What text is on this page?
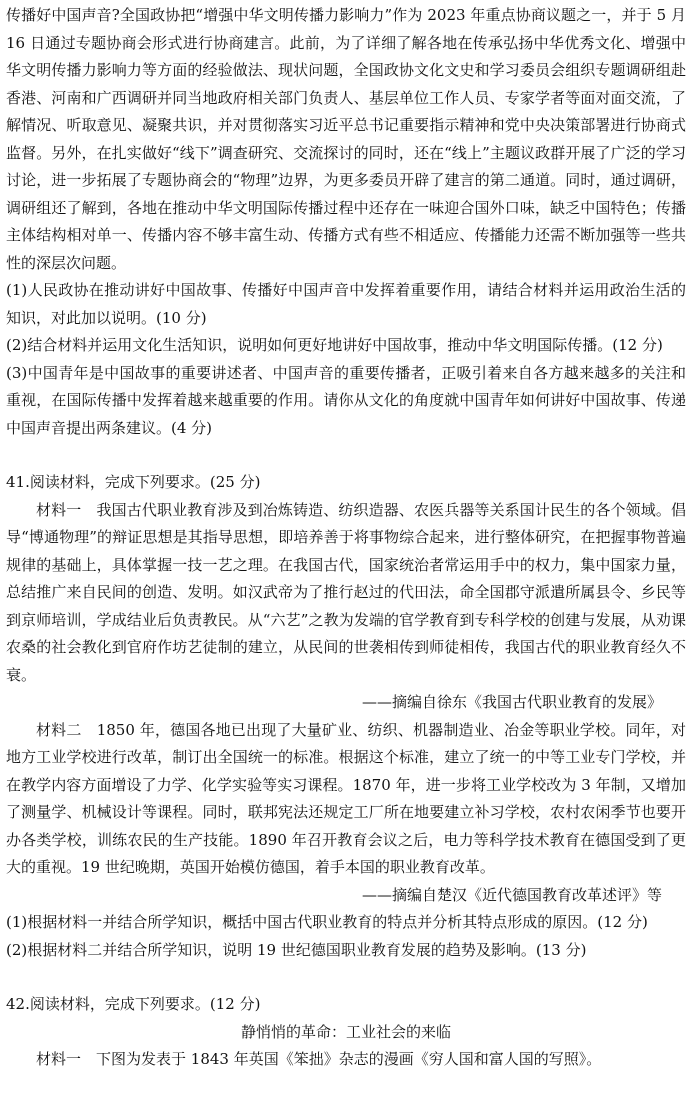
传播好中国声音?全国政协把“增强中华文明传播力影响力”作为 2023 年重点协商议题之一，并于 5 月 16 日通过专题协商会形式进行协商建言。此前，为了详细了解各地在传承弘扬中华优秀文化、增强中华文明传播力影响力等方面的经验做法、现状问题，全国政协文化文史和学习委员会组织专题调研组赴香港、河南和广西调研并同当地政府相关部门负责人、基层单位工作人员、专家学者等面对面交流，了解情况、听取意见、凝聚共识，并对贯彻落实习近平总书记重要指示精神和党中央决策部署进行协商式监督。另外，在扎实做好“线下”调查研究、交流探讨的同时，还在“线上”主题议政群开展了广泛的学习讨论，进一步拓展了专题协商会的“物理”边界，为更多委员开辟了建言的第二通道。同时，通过调研，调研组还了解到，各地在推动中华文明国际传播过程中还存在一味迎合国外口味，缺乏中国特色；传播主体结构相对单一、传播内容不够丰富生动、传播方式有些不相适应、传播能力还需不断加强等一些共性的深层次问题。

(1)人民政协在推动讲好中国故事、传播好中国声音中发挥着重要作用，请结合材料并运用政治生活的知识，对此加以说明。(10 分)

(2)结合材料并运用文化生活知识，说明如何更好地讲好中国故事，推动中华文明国际传播。(12 分)

(3)中国青年是中国故事的重要讲述者、中国声音的重要传播者，正吸引着来自各方越来越多的关注和重视，在国际传播中发挥着越来越重要的作用。请你从文化的角度就中国青年如何讲好中国故事、传递中国声音提出两条建议。(4 分)

41.阅读材料，完成下列要求。(25 分)

材料一　我国古代职业教育涉及到冶炼铸造、纺织造器、农医兵器等关系国计民生的各个领域。倡导“博通物理”的辩证思想是其指导思想，即培养善于将事物综合起来，进行整体研究，在把握事物普遍规律的基础上，具体掌握一技一艺之理。在我国古代，国家统治者常运用手中的权力，集中国家力量，总结推广来自民间的创造、发明。如汉武帝为了推行赵过的代田法，命全国郡守派遣所属县令、乡民等到京师培训，学成结业后负责教民。从“六艺”之教为发端的官学教育到专科学校的创建与发展，从劝课农桑的社会教化到官府作坊艺徒制的建立，从民间的世袭相传到师徒相传，我国古代的职业教育经久不衰。

——摘编自徐东《我国古代职业教育的发展》

材料二　1850 年，德国各地已出现了大量矿业、纺织、机器制造业、冶金等职业学校。同年，对地方工业学校进行改革，制订出全国统一的标准。根据这个标准，建立了统一的中等工业专门学校，并在教学内容方面增设了力学、化学实验等实习课程。1870 年，进一步将工业学校改为 3 年制，又增加了测量学、机械设计等课程。同时，联邦宪法还规定工厂所在地要建立补习学校，农村农闲季节也要开办各类学校，训练农民的生产技能。1890 年召开教育会议之后，电力等科学技术教育在德国受到了更大的重视。19 世纪晚期，英国开始模仿德国，着手本国的职业教育改革。

——摘编自楚汉《近代德国教育改革述评》等

(1)根据材料一并结合所学知识，概括中国古代职业教育的特点并分析其特点形成的原因。(12 分)

(2)根据材料二并结合所学知识，说明 19 世纪德国职业教育发展的趋势及影响。(13 分)

42.阅读材料，完成下列要求。(12 分)

静悄悄的革命：工业社会的来临

材料一　下图为发表于 1843 年英国《笨拙》杂志的漫画《穷人国和富人国的写照》。
